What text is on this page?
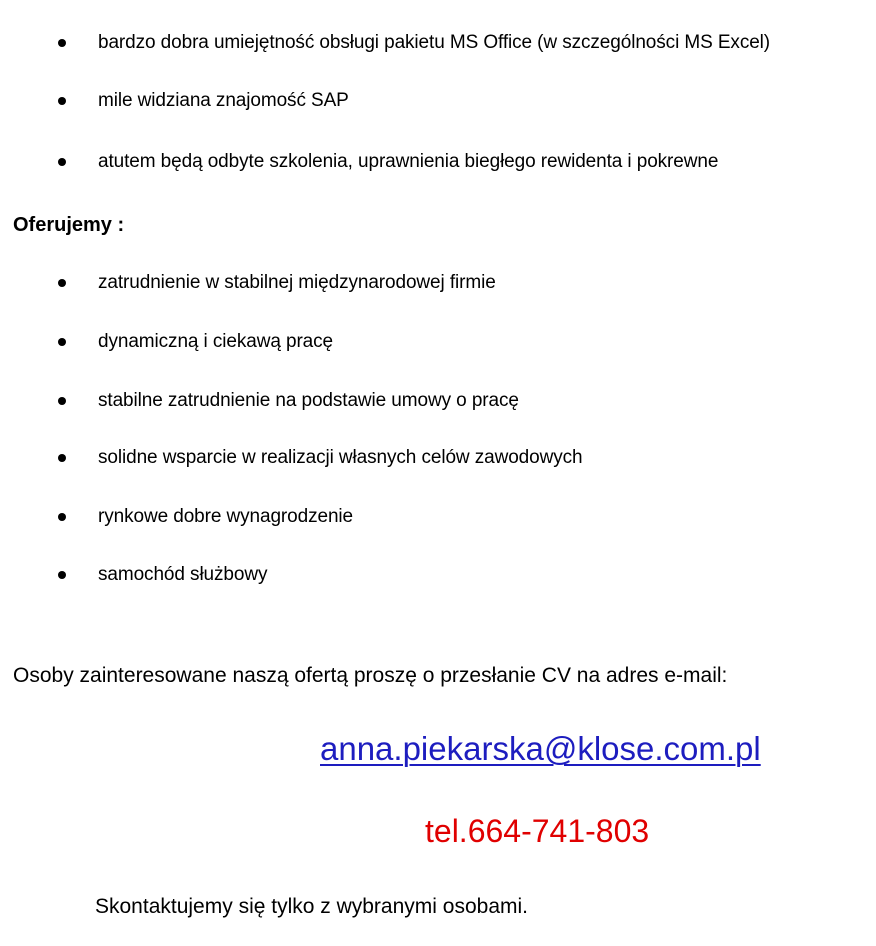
bardzo dobra umiejętność obsługi pakietu MS Office (w szczególności MS Excel)
mile widziana znajomość SAP
atutem będą odbyte szkolenia, uprawnienia biegłego rewidenta i pokrewne
Oferujemy :
zatrudnienie w stabilnej międzynarodowej firmie
dynamiczną i ciekawą pracę
stabilne zatrudnienie na podstawie umowy o pracę
solidne wsparcie w realizacji własnych celów zawodowych
rynkowe dobre wynagrodzenie
samochód służbowy
Osoby zainteresowane naszą ofertą proszę o przesłanie CV na adres e-mail:
anna.piekarska@klose.com.pl
tel.664-741-803
Skontaktujemy się tylko z wybranymi osobami.
